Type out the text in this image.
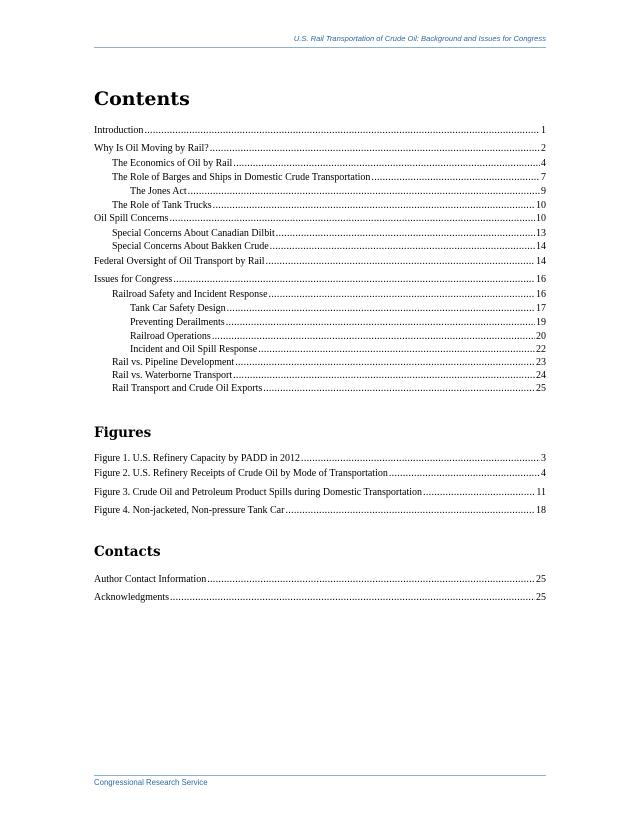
U.S. Rail Transportation of Crude Oil: Background and Issues for Congress
Contents
Introduction .....	1
Why Is Oil Moving by Rail? .....	2
The Economics of Oil by Rail .....	4
The Role of Barges and Ships in Domestic Crude Transportation .....	7
The Jones Act .....	9
The Role of Tank Trucks .....	10
Oil Spill Concerns .....	10
Special Concerns About Canadian Dilbit .....	13
Special Concerns About Bakken Crude .....	14
Federal Oversight of Oil Transport by Rail .....	14
Issues for Congress .....	16
Railroad Safety and Incident Response .....	16
Tank Car Safety Design .....	17
Preventing Derailments .....	19
Railroad Operations .....	20
Incident and Oil Spill Response .....	22
Rail vs. Pipeline Development .....	23
Rail vs. Waterborne Transport .....	24
Rail Transport and Crude Oil Exports .....	25
Figures
Figure 1. U.S. Refinery Capacity by PADD in 2012 .....	3
Figure 2. U.S. Refinery Receipts of Crude Oil by Mode of Transportation .....	4
Figure 3. Crude Oil and Petroleum Product Spills during Domestic Transportation .....	11
Figure 4. Non-jacketed, Non-pressure Tank Car .....	18
Contacts
Author Contact Information .....	25
Acknowledgments .....	25
Congressional Research Service
